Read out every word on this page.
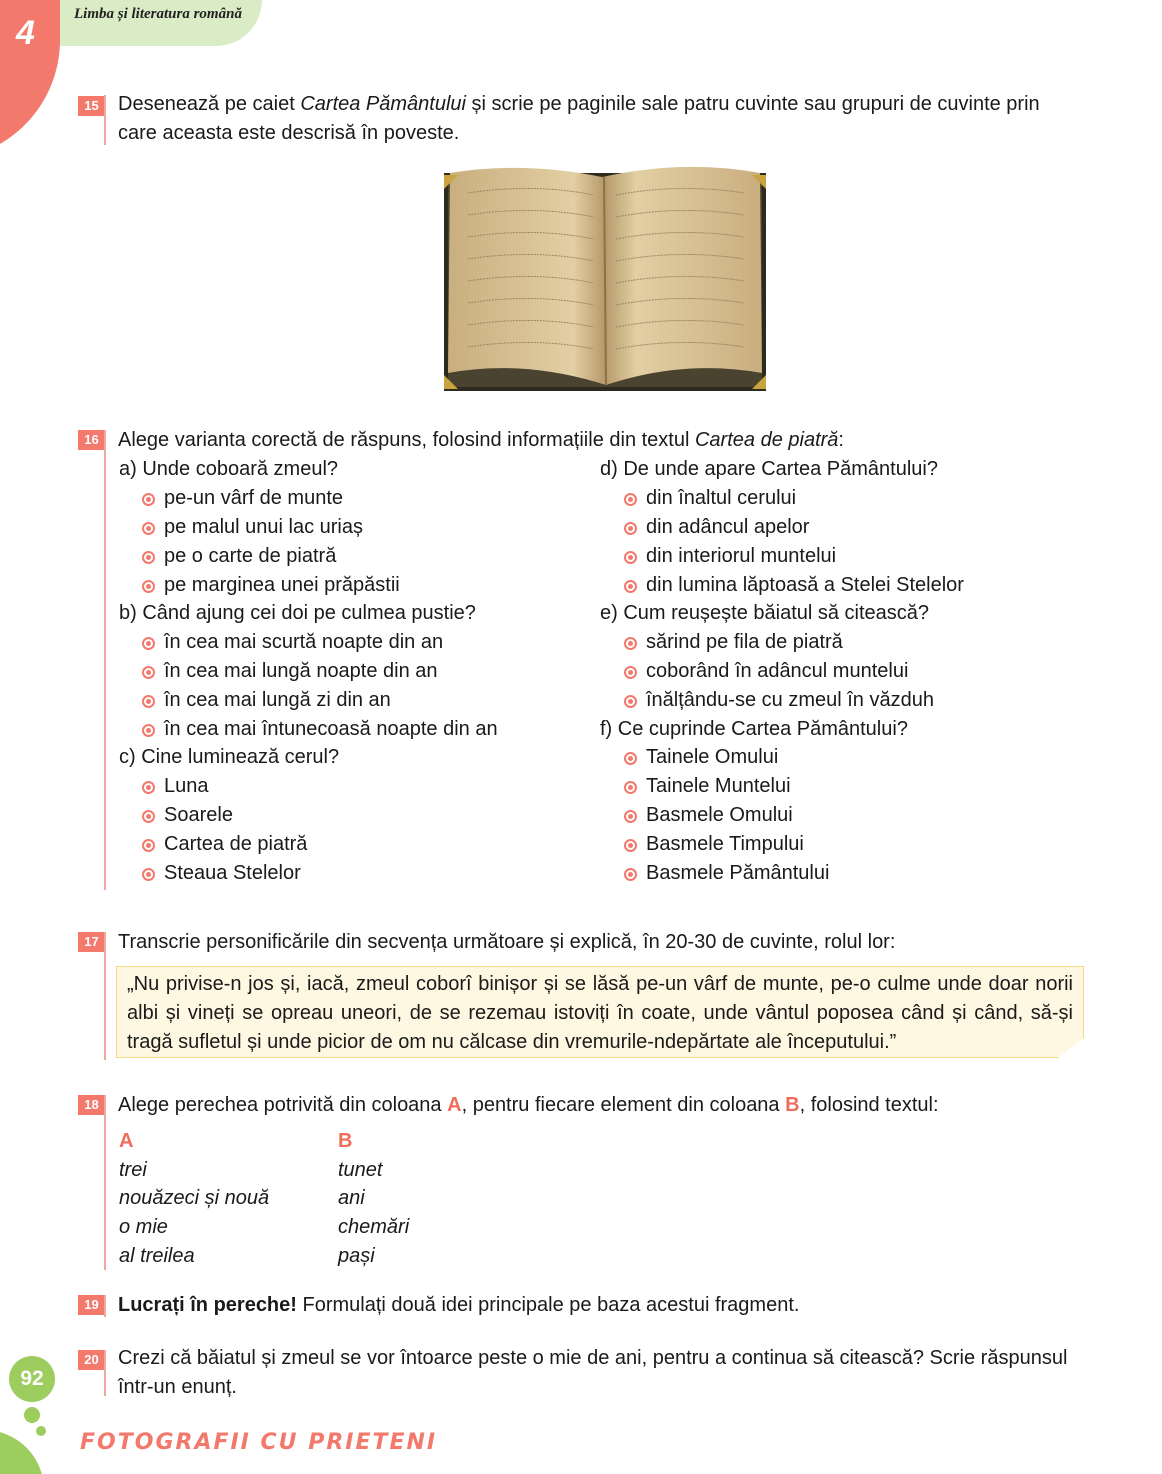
4	Limba și literatura română
15 Desenează pe caiet Cartea Pământului și scrie pe paginile sale patru cuvinte sau grupuri de cuvinte prin
care aceasta este descrisă în poveste.
16 Alege varianta corectă de răspuns, folosind informațiile din textul Cartea de piatră:
a) Unde coboară zmeul?
pe-un vârf de munte
pe malul unui lac uriaș
pe o carte de piatră
pe marginea unei prăpăstii
b) Când ajung cei doi pe culmea pustie?
în cea mai scurtă noapte din an
în cea mai lungă noapte din an
în cea mai lungă zi din an
în cea mai întunecoasă noapte din an
c) Cine luminează cerul?
Luna
Soarele
Cartea de piatră
Steaua Stelelor
d) De unde apare Cartea Pământului?
din înaltul cerului
din adâncul apelor
din interiorul muntelui
din lumina lăptoasă a Stelei Stelelor
e) Cum reușește băiatul să citească?
sărind pe fila de piatră
coborând în adâncul muntelui
înălțându-se cu zmeul în văzduh
f) Ce cuprinde Cartea Pământului?
Tainele Omului
Tainele Muntelui
Basmele Omului
Basmele Timpului
Basmele Pământului
17 Transcrie personificările din secvența următoare și explică, în 20-30 de cuvinte, rolul lor:
„Nu privise-n jos și, iacă, zmeul coborî binișor și se lăsă pe-un vârf de munte, pe-o culme unde doar norii albi și vineți se opreau uneori, de se rezemau istoviți în coate, unde vântul poposea când și când, să-și tragă sufletul și unde picior de om nu călcase din vremurile-ndepărtate ale începutului.”
18 Alege perechea potrivită din coloana A, pentru fiecare element din coloana B, folosind textul:
A	B
trei
nouăzeci și nouă
o mie
al treilea
tunet
ani
chemări
pași
19 Lucrați în pereche! Formulați două idei principale pe baza acestui fragment.
20 Crezi că băiatul și zmeul se vor întoarce peste o mie de ani, pentru a continua să citească? Scrie răspunsul
într-un enunț.
92
FOTOGRAFII CU PRIETENI
